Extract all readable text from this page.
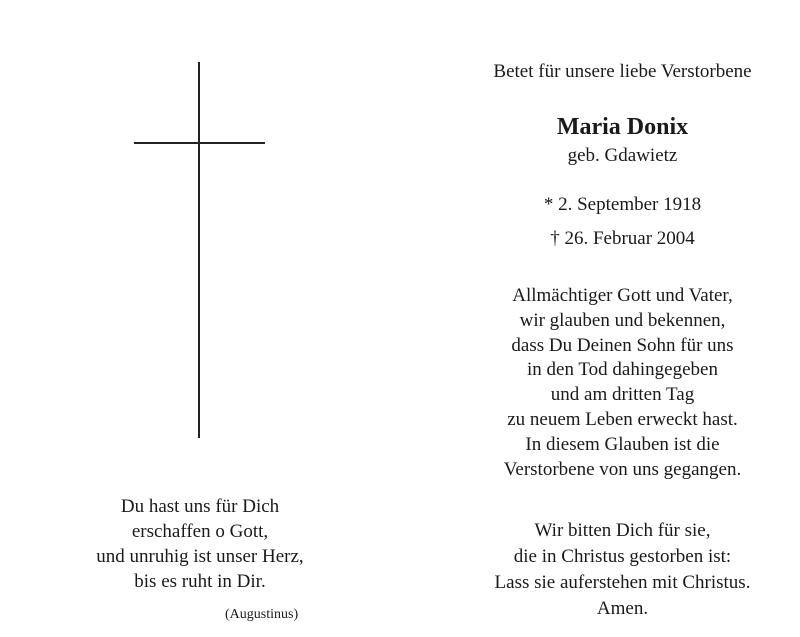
Du hast uns für Dich
erschaffen o Gott,
und unruhig ist unser Herz,
bis es ruht in Dir.
(Augustinus)
Betet für unsere liebe Verstorbene
Maria Donix
geb. Gdawietz
* 2. September 1918
† 26. Februar 2004
Allmächtiger Gott und Vater,
wir glauben und bekennen,
dass Du Deinen Sohn für uns
in den Tod dahingegeben
und am dritten Tag
zu neuem Leben erweckt hast.
In diesem Glauben ist die
Verstorbene von uns gegangen.
Wir bitten Dich für sie,
die in Christus gestorben ist:
Lass sie auferstehen mit Christus.
Amen.
